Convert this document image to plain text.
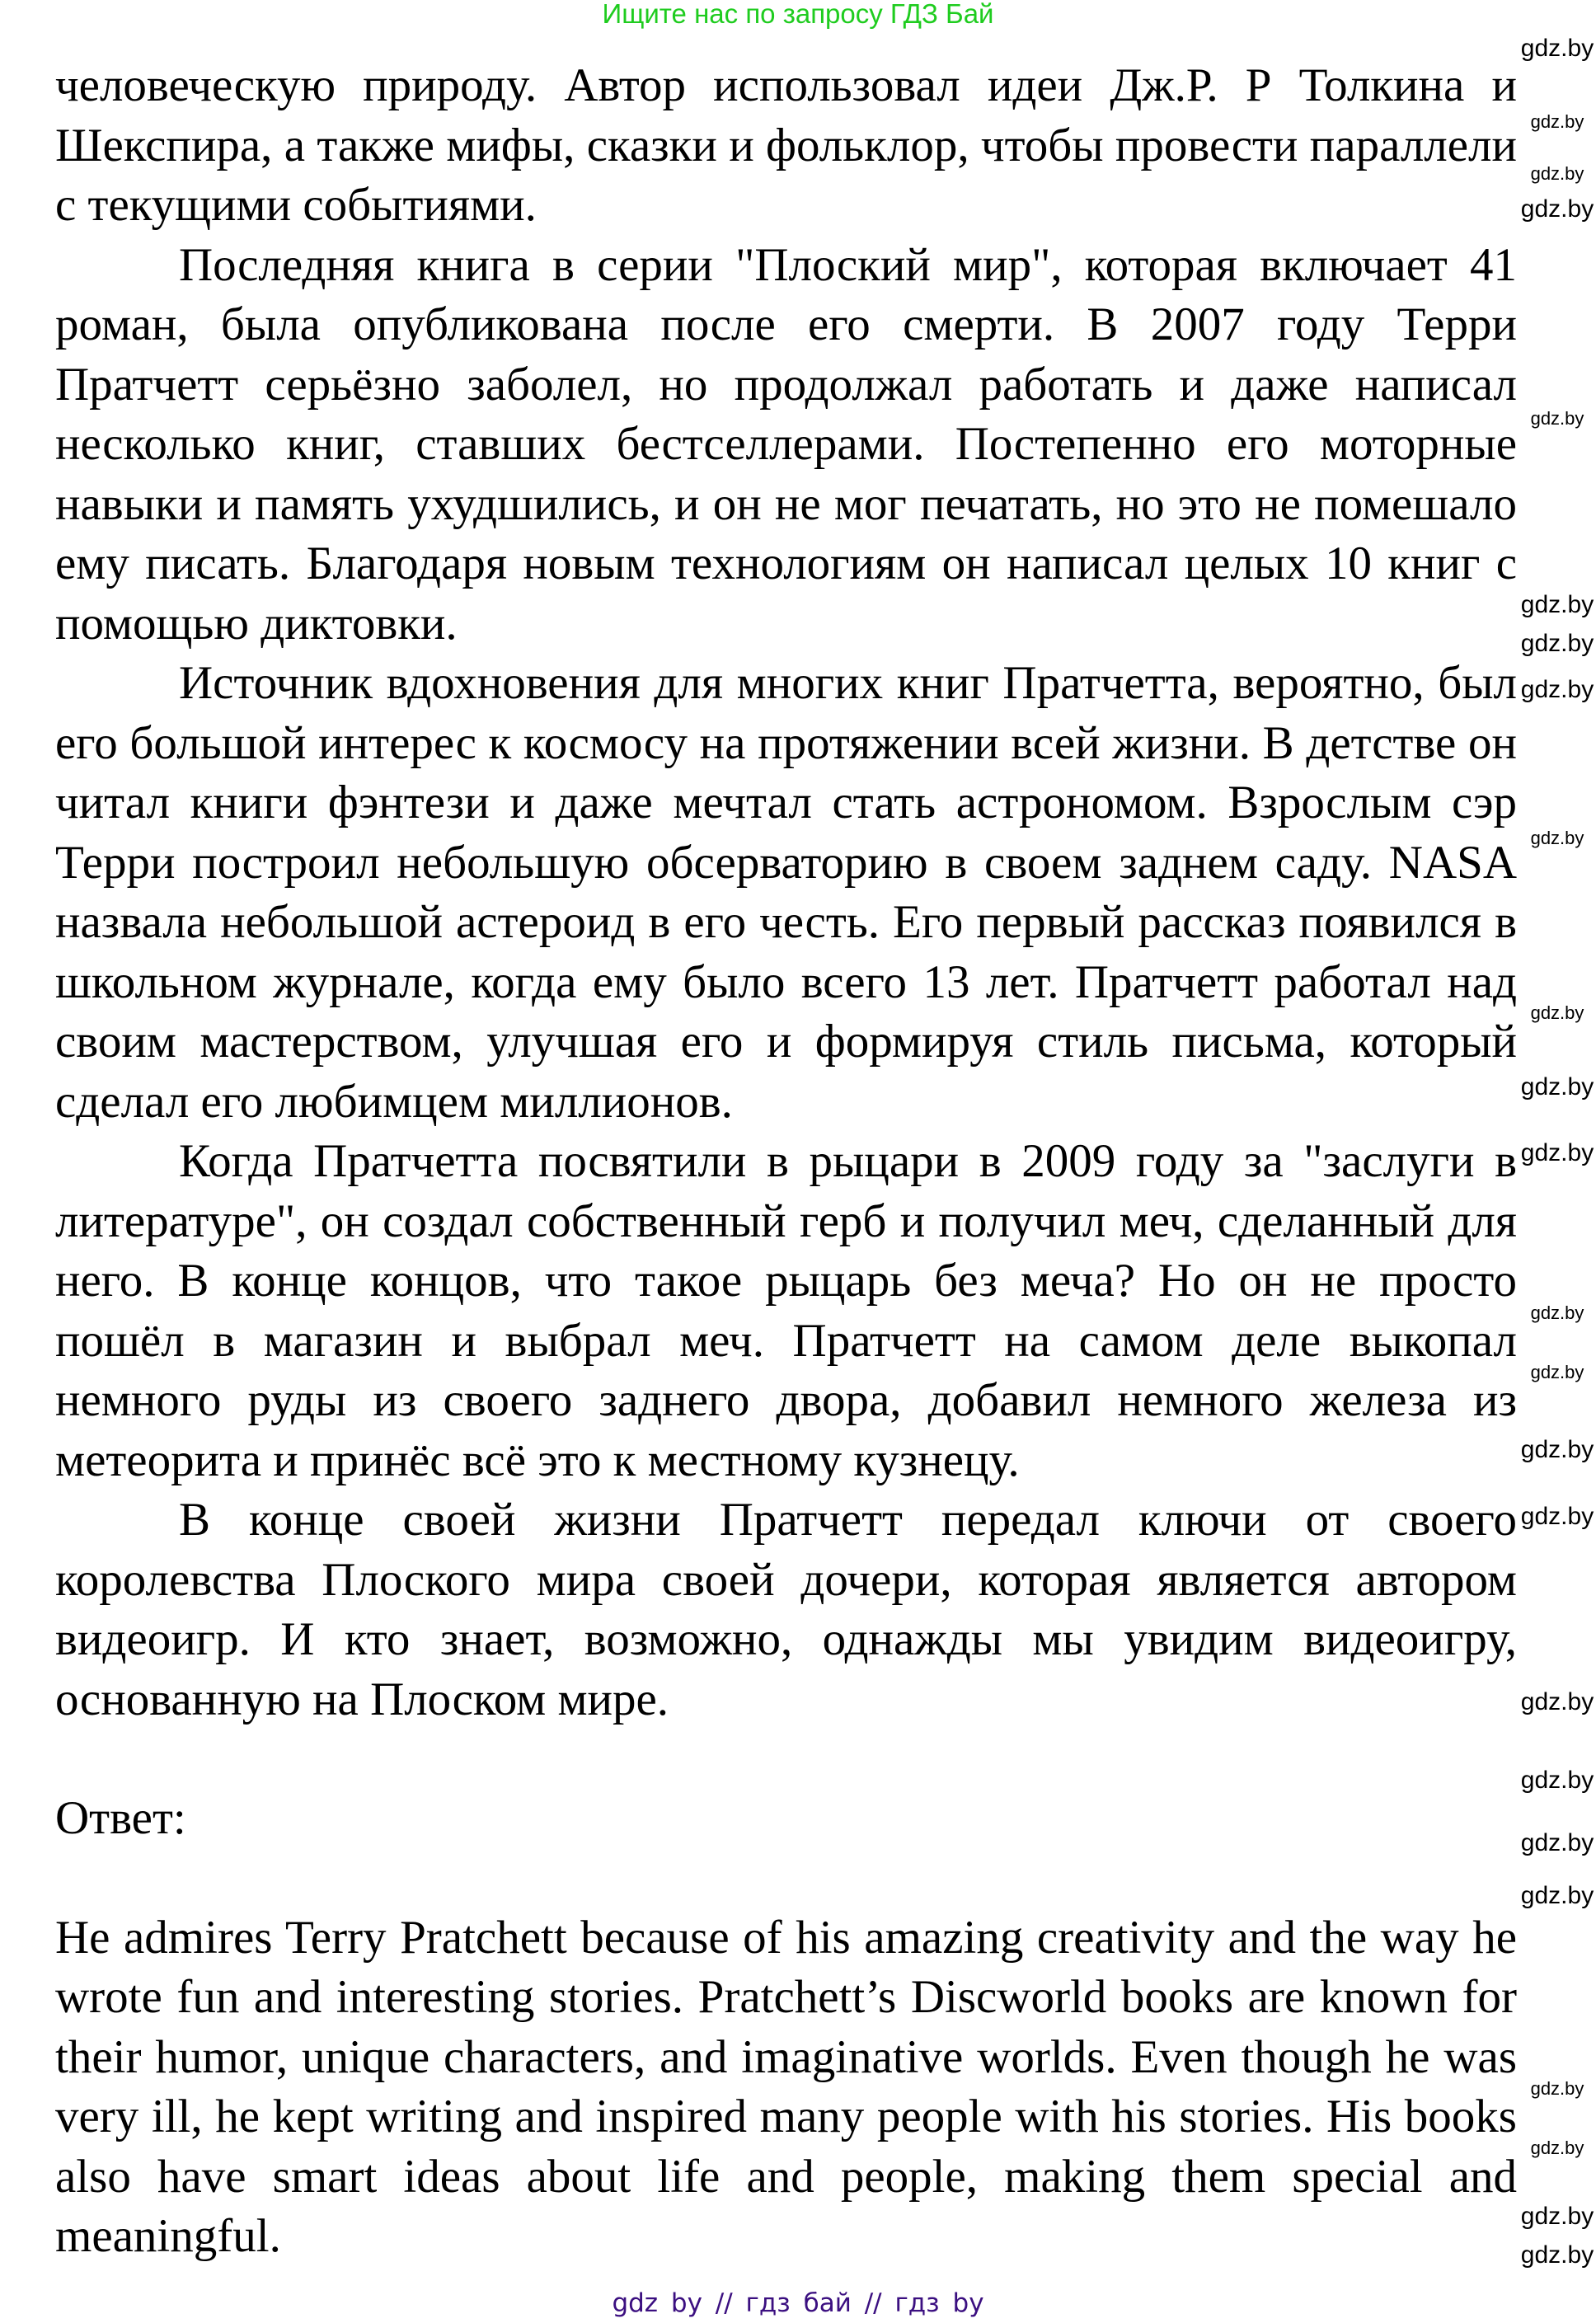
Ищите нас по запросу ГДЗ Бай

человеческую природу. Автор использовал идеи Дж.Р. Р Толкина и Шекспира, а также мифы, сказки и фольклор, чтобы провести параллели с текущими событиями.

Последняя книга в серии "Плоский мир", которая включает 41 роман, была опубликована после его смерти. В 2007 году Терри Пратчетт серьёзно заболел, но продолжал работать и даже написал несколько книг, ставших бестселлерами. Постепенно его моторные навыки и память ухудшились, и он не мог печатать, но это не помешало ему писать. Благодаря новым технологиям он написал целых 10 книг с помощью диктовки.

Источник вдохновения для многих книг Пратчетта, вероятно, был его большой интерес к космосу на протяжении всей жизни. В детстве он читал книги фэнтези и даже мечтал стать астрономом. Взрослым сэр Терри построил небольшую обсерваторию в своем заднем саду. NASA назвала небольшой астероид в его честь. Его первый рассказ появился в школьном журнале, когда ему было всего 13 лет. Пратчетт работал над своим мастерством, улучшая его и формируя стиль письма, который сделал его любимцем миллионов.

Когда Пратчетта посвятили в рыцари в 2009 году за "заслуги в литературе", он создал собственный герб и получил меч, сделанный для него. В конце концов, что такое рыцарь без меча? Но он не просто пошёл в магазин и выбрал меч. Пратчетт на самом деле выкопал немного руды из своего заднего двора, добавил немного железа из метеорита и принёс всё это к местному кузнецу.

В конце своей жизни Пратчетт передал ключи от своего королевства Плоского мира своей дочери, которая является автором видеоигр. И кто знает, возможно, однажды мы увидим видеоигру, основанную на Плоском мире.

Ответ:

He admires Terry Pratchett because of his amazing creativity and the way he wrote fun and interesting stories. Pratchett’s Discworld books are known for their humor, unique characters, and imaginative worlds. Even though he was very ill, he kept writing and inspired many people with his stories. His books also have smart ideas about life and people, making them special and meaningful.

gdz.by
gdz.by
gdz.by
gdz.by
gdz.by
gdz.by
gdz.by
gdz.by
gdz.by
gdz.by
gdz.by
gdz.by
gdz.by
gdz.by
gdz.by
gdz.by
gdz.by
gdz.by
gdz.by
gdz.by
gdz.by
gdz.by
gdz.by
gdz.by
gdz by // гдз бай // гдз by
